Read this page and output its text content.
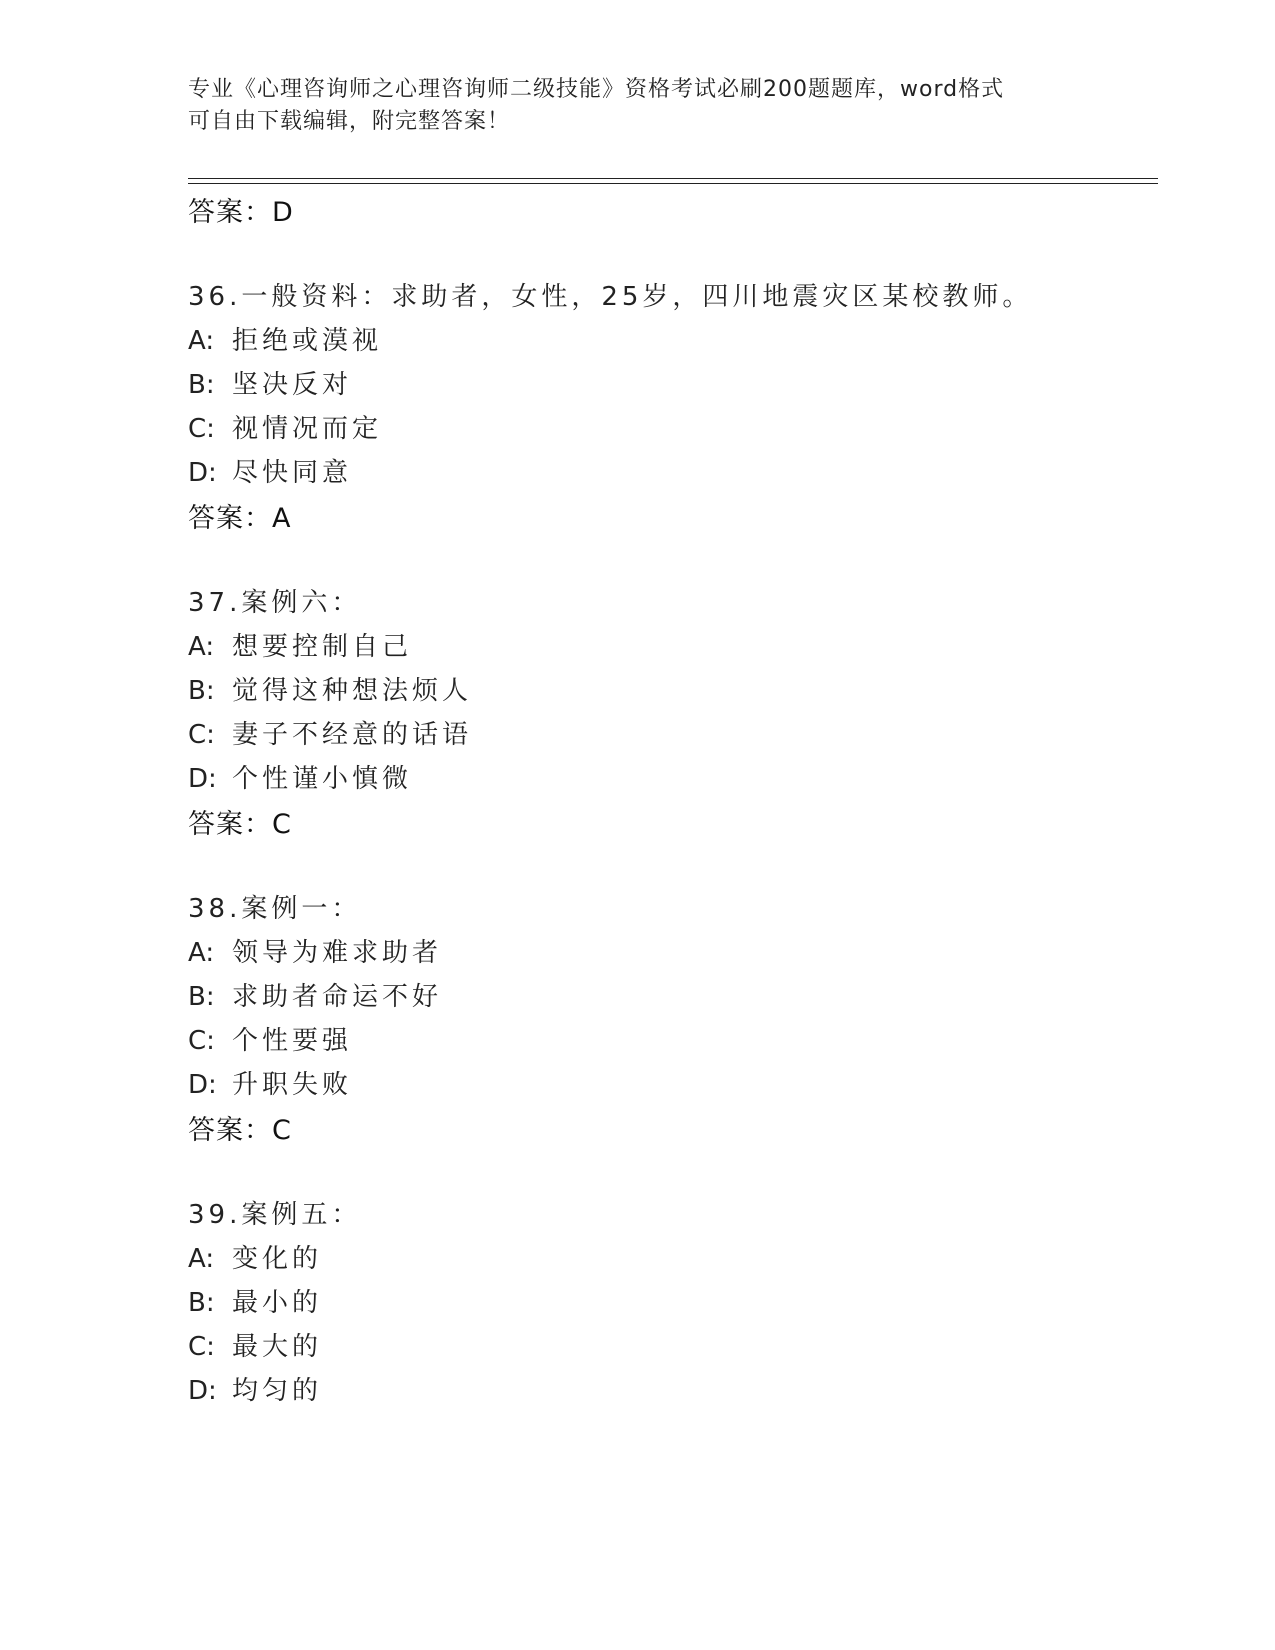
专业《心理咨询师之心理咨询师二级技能》资格考试必刷200题题库，word格式
可自由下载编辑，附完整答案！
答案：D
36.一般资料：求助者，女性，25岁，四川地震灾区某校教师。
A: 拒绝或漠视
B: 坚决反对
C: 视情况而定
D: 尽快同意
答案：A
37.案例六：
A: 想要控制自己
B: 觉得这种想法烦人
C: 妻子不经意的话语
D: 个性谨小慎微
答案：C
38.案例一：
A: 领导为难求助者
B: 求助者命运不好
C: 个性要强
D: 升职失败
答案：C
39.案例五：
A: 变化的
B: 最小的
C: 最大的
D: 均匀的
